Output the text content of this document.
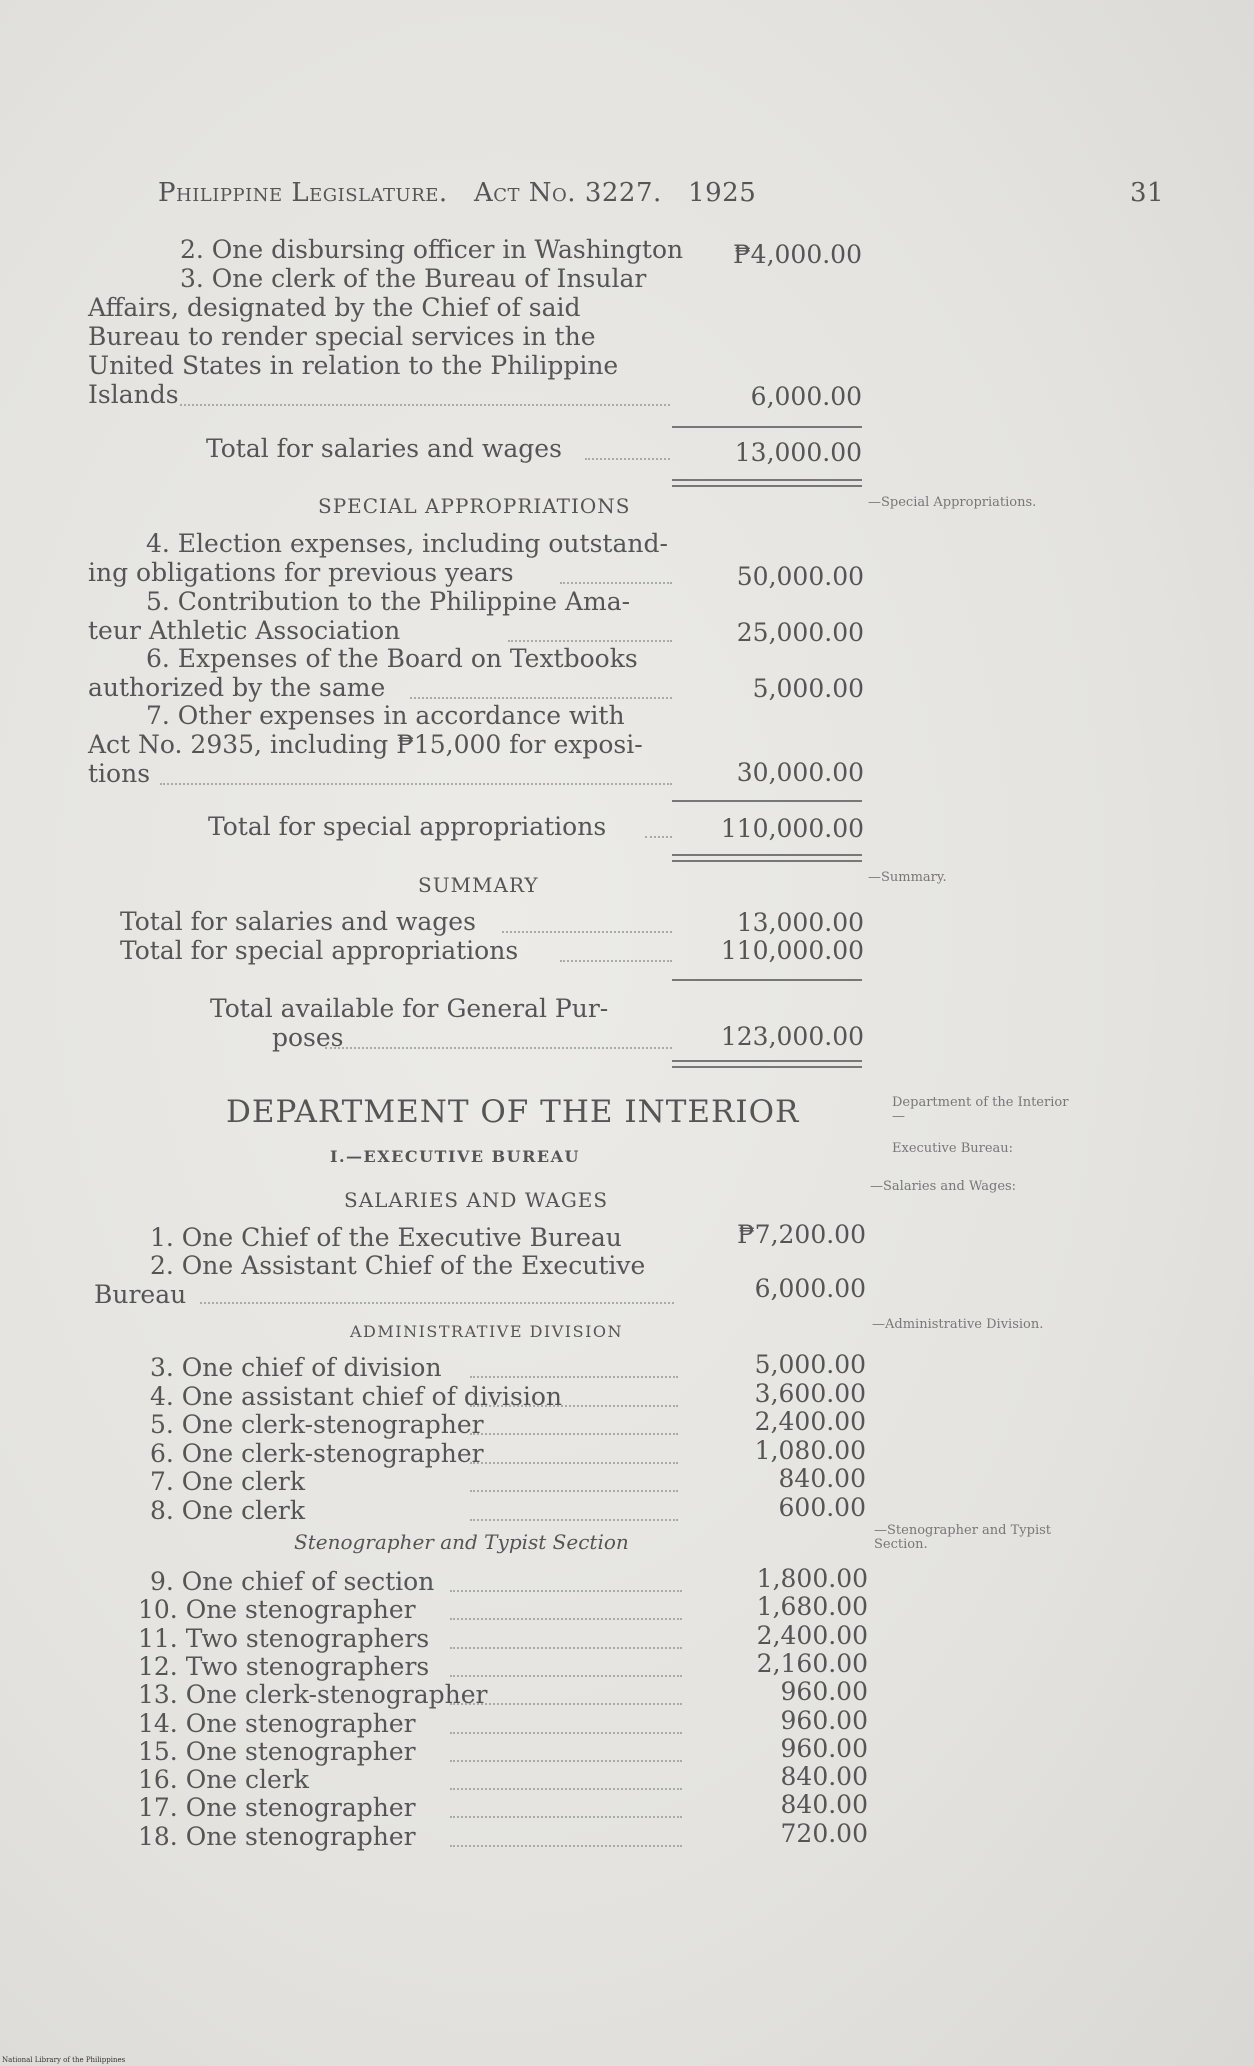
Philippine Legislature. Act No. 3227. 1925	31
2. One disbursing officer in Washington	₱4,000.00
3. One clerk of the Bureau of Insular
Affairs, designated by the Chief of said
Bureau to render special services in the
United States in relation to the Philippine
Islands	6,000.00
Total for salaries and wages	13,000.00
SPECIAL APPROPRIATIONS	—Special Appropriations.
4. Election expenses, including outstand-
ing obligations for previous years	50,000.00
5. Contribution to the Philippine Ama-
teur Athletic Association	25,000.00
6. Expenses of the Board on Textbooks
authorized by the same	5,000.00
7. Other expenses in accordance with
Act No. 2935, including ₱15,000 for exposi-
tions	30,000.00
Total for special appropriations	110,000.00
SUMMARY	—Summary.
Total for salaries and wages	13,000.00
Total for special appropriations	110,000.00
Total available for General Pur-
poses	123,000.00
DEPARTMENT OF THE INTERIOR	Department of the Interior—
Executive Bureau:
I.—EXECUTIVE BUREAU
—Salaries and Wages:
SALARIES AND WAGES
1. One Chief of the Executive Bureau	₱7,200.00
2. One Assistant Chief of the Executive
Bureau	6,000.00
ADMINISTRATIVE DIVISION	—Administrative Division.
3. One chief of division	5,000.00
4. One assistant chief of division	3,600.00
5. One clerk-stenographer	2,400.00
6. One clerk-stenographer	1,080.00
7. One clerk	840.00
8. One clerk	600.00
Stenographer and Typist Section	—Stenographer and Typist Section.
9. One chief of section	1,800.00
10. One stenographer	1,680.00
11. Two stenographers	2,400.00
12. Two stenographers	2,160.00
13. One clerk-stenographer	960.00
14. One stenographer	960.00
15. One stenographer	960.00
16. One clerk	840.00
17. One stenographer	840.00
18. One stenographer	720.00
National Library of the Philippines
